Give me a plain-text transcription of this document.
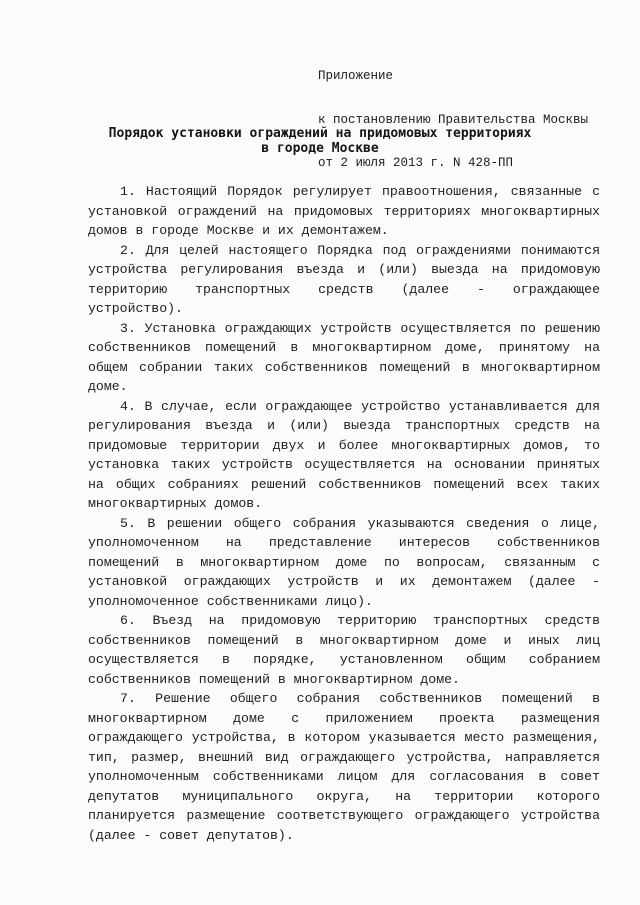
Приложение

к постановлению Правительства Москвы

от 2 июля 2013 г. N 428-ПП

Порядок установки ограждений на придомовых территориях
в городе Москве

1. Настоящий Порядок регулирует правоотношения, связанные с установкой ограждений на придомовых территориях многоквартирных домов в городе Москве и их демонтажем.

2. Для целей настоящего Порядка под ограждениями понимаются устройства регулирования въезда и (или) выезда на придомовую территорию транспортных средств (далее - ограждающее устройство).

3. Установка ограждающих устройств осуществляется по решению собственников помещений в многоквартирном доме, принятому на общем собрании таких собственников помещений в многоквартирном доме.

4. В случае, если ограждающее устройство устанавливается для регулирования въезда и (или) выезда транспортных средств на придомовые территории двух и более многоквартирных домов, то установка таких устройств осуществляется на основании принятых на общих собраниях решений собственников помещений всех таких многоквартирных домов.

5. В решении общего собрания указываются сведения о лице, уполномоченном на представление интересов собственников помещений в многоквартирном доме по вопросам, связанным с установкой ограждающих устройств и их демонтажем (далее - уполномоченное собственниками лицо).

6. Въезд на придомовую территорию транспортных средств собственников помещений в многоквартирном доме и иных лиц осуществляется в порядке, установленном общим собранием собственников помещений в многоквартирном доме.

7. Решение общего собрания собственников помещений в многоквартирном доме с приложением проекта размещения ограждающего устройства, в котором указывается место размещения, тип, размер, внешний вид ограждающего устройства, направляется уполномоченным собственниками лицом для согласования в совет депутатов муниципального округа, на территории которого планируется размещение соответствующего ограждающего устройства (далее - совет депутатов).
